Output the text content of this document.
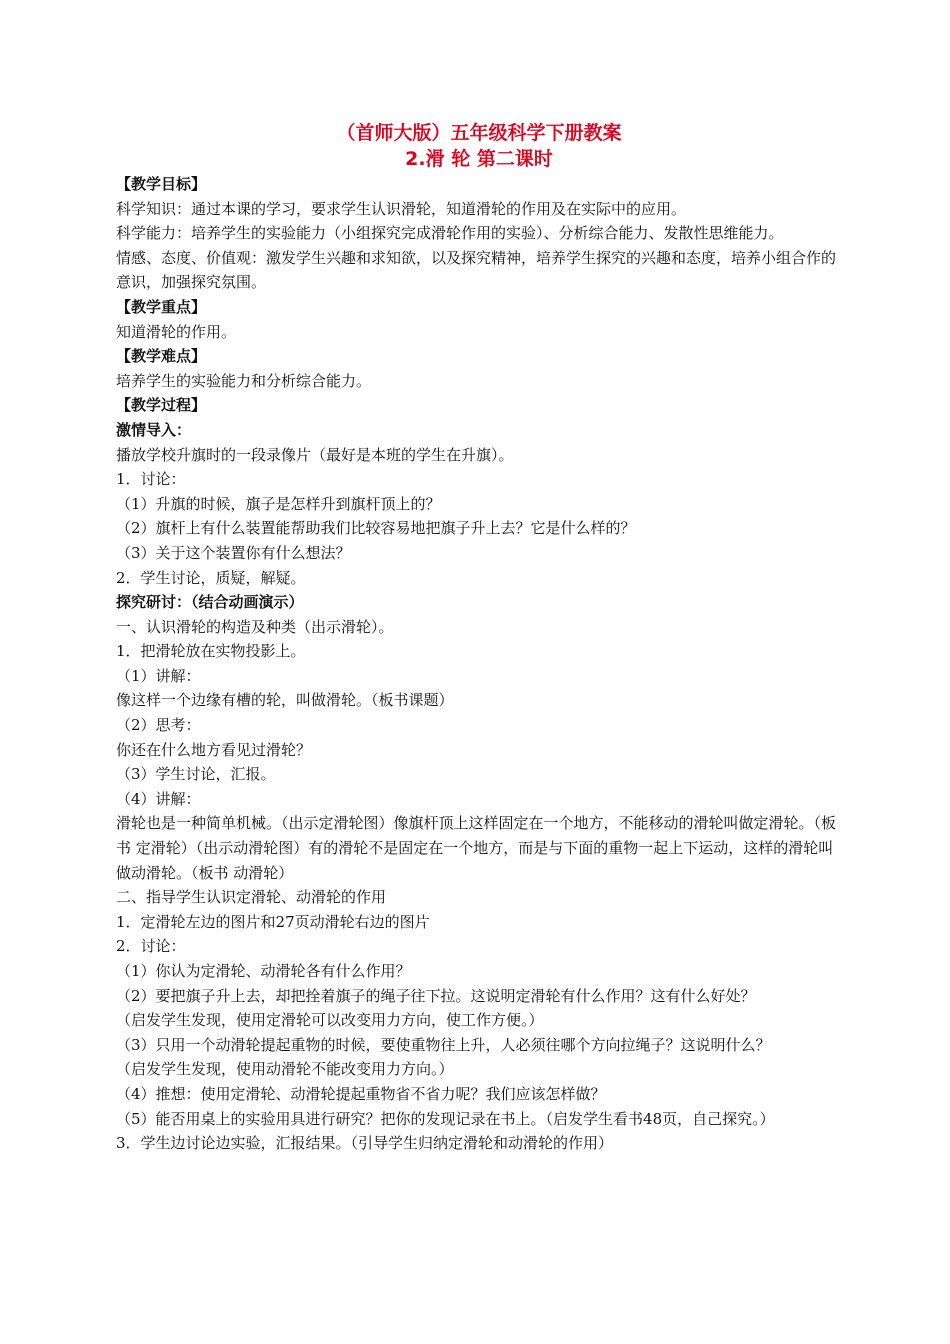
（首师大版）五年级科学下册教案

2.滑 轮 第二课时

【教学目标】

科学知识：通过本课的学习，要求学生认识滑轮，知道滑轮的作用及在实际中的应用。

科学能力：培养学生的实验能力（小组探究完成滑轮作用的实验）、分析综合能力、发散性思维能力。

情感、态度、价值观：激发学生兴趣和求知欲，以及探究精神，培养学生探究的兴趣和态度，培养小组合作的意识，加强探究氛围。

【教学重点】

知道滑轮的作用。

【教学难点】

培养学生的实验能力和分析综合能力。

【教学过程】

激情导入：

播放学校升旗时的一段录像片（最好是本班的学生在升旗）。

1．讨论：

（1）升旗的时候，旗子是怎样升到旗杆顶上的？

（2）旗杆上有什么装置能帮助我们比较容易地把旗子升上去？它是什么样的？

（3）关于这个装置你有什么想法？

2．学生讨论，质疑，解疑。

探究研讨：（结合动画演示）

一、认识滑轮的构造及种类（出示滑轮）。

1．把滑轮放在实物投影上。

（1）讲解：

像这样一个边缘有槽的轮，叫做滑轮。（板书课题）

（2）思考：

你还在什么地方看见过滑轮？

（3）学生讨论，汇报。

（4）讲解：

滑轮也是一种简单机械。（出示定滑轮图）像旗杆顶上这样固定在一个地方，不能移动的滑轮叫做定滑轮。（板书 定滑轮）（出示动滑轮图）有的滑轮不是固定在一个地方，而是与下面的重物一起上下运动，这样的滑轮叫做动滑轮。（板书 动滑轮）

二、指导学生认识定滑轮、动滑轮的作用

1．定滑轮左边的图片和27页动滑轮右边的图片

2．讨论：

（1）你认为定滑轮、动滑轮各有什么作用？

（2）要把旗子升上去，却把拴着旗子的绳子往下拉。这说明定滑轮有什么作用？这有什么好处？

（启发学生发现，使用定滑轮可以改变用力方向，使工作方便。）

（3）只用一个动滑轮提起重物的时候，要使重物往上升，人必须往哪个方向拉绳子？这说明什么？

（启发学生发现，使用动滑轮不能改变用力方向。）

（4）推想：使用定滑轮、动滑轮提起重物省不省力呢？我们应该怎样做？

（5）能否用桌上的实验用具进行研究？把你的发现记录在书上。（启发学生看书48页，自己探究。）

3．学生边讨论边实验，汇报结果。（引导学生归纳定滑轮和动滑轮的作用）
